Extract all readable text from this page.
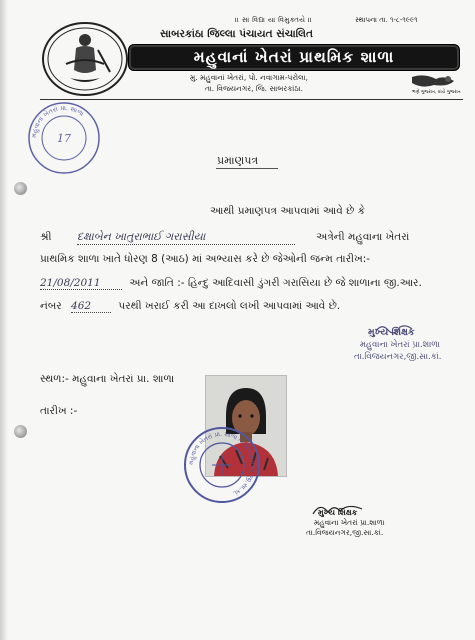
।। સા વિદ્યા યા વિમુક્તયે ।।	સ્થાપના તા. ૧-૮-૧૯૯૧
સાબરકાંઠા જિલ્લા પંચાયત સંચાલિત
મહુવાનાં ખેતરાં પ્રાથમિક શાળા
મુ. મહુવાનાં ખેતરાં, પો. નવાગામ-પરોલા,
તા. વિજયનગર, જિ. સાબરકાંઠા.	ભણે ગુજરાત, વાંચે ગુજરાત
મહુવાનાં ખેતરાં પ્રા. શાળા
17
પ્રમાણપત્ર
આથી પ્રમાણપત્ર આપવામાં આવે છે કે
શ્રી દક્ષાબેન ખાતુરાભાઈ ગરાસીયા	અત્રેની મહુવાના ખેતરાં
પ્રાથમિક શાળા ખાતે ધોરણ 8 (આઠ) માં અભ્યાસ કરે છે જેઓની જન્મ તારીખ:-
21/08/2011	અને જાતિ :- હિન્દુ આદિવાસી ડુંગરી ગરાસિયા છે જે શાળાના જી.આર.
નંબર 462	પરથી ખરાઈ કરી આ દાખલો લખી આપવામાં આવે છે.
મુખ્ય શિક્ષક
મહુવાના ખેતરાં પ્રા.શાળા
તા.વિજયનગર,જી.સા.કાં.
સ્થળ:- મહુવાના ખેતરાં પ્રા. શાળા
તારીખ :-
મહુવાના ખેતરાં પ્રા. શાળા તા.વિજયનગર જી.સા.કાં.
મુખ્ય શિક્ષક
મહુવાના ખેતરાં પ્રા.શાળા
તા.વિજયનગર,જી.સા.કાં.
